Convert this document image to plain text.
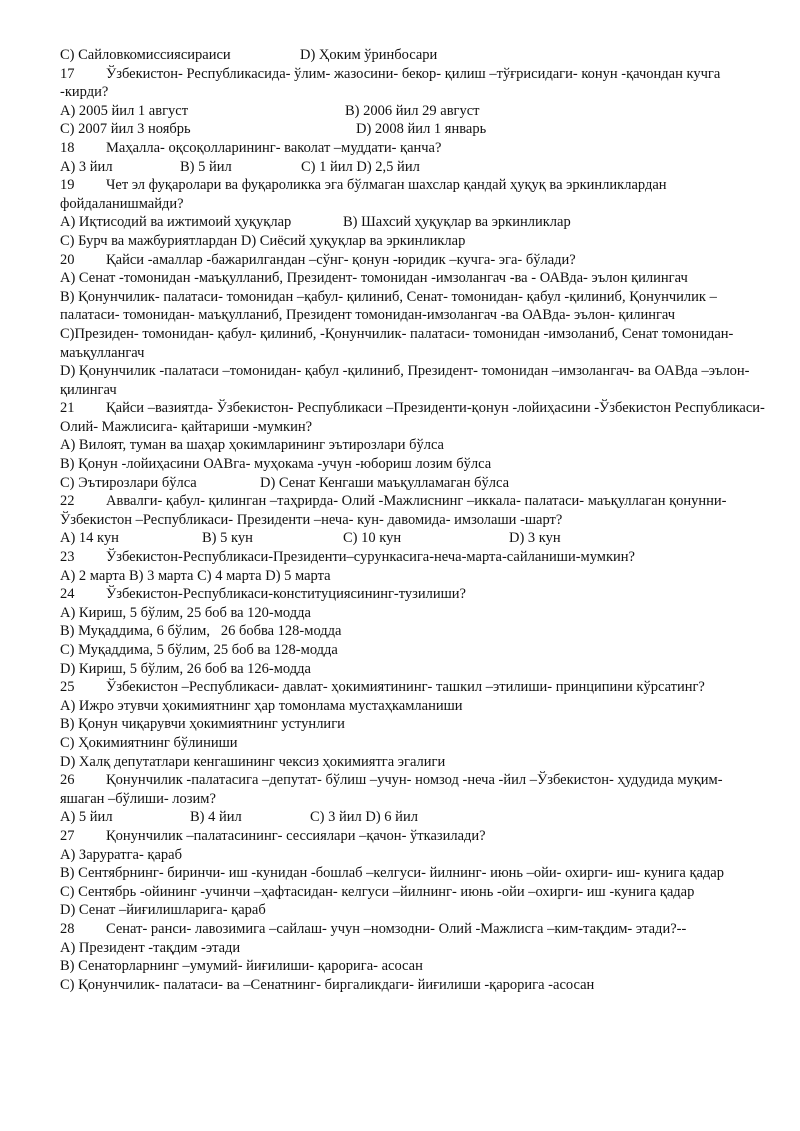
C) Сайловкомиссиясираиси	D) Ҳоким ўринбосари
17 Ўзбекистон- Республикасида- ўлим- жазосини- бекор- қилиш –тўғрисидаги- конун -қачондан кучга -кирди?
A) 2005 йил 1 август	B) 2006 йил 29 август
C) 2007 йил 3 ноябрь	D) 2008 йил 1 январь
18 Маҳалла- оқсоқолларининг- ваколат –муддати- қанча?
A) 3 йил	B) 5 йил	C) 1 йил D) 2,5 йил
19 Чет эл фуқаролари ва фуқароликка эга бўлмаган шахслар қандай ҳуқуқ ва эркинликлардан фойдаланишмайди?
A) Иқтисодий ва ижтимоий ҳуқуқлар	B) Шахсий ҳуқуқлар ва эркинликлар
C) Бурч ва мажбуриятлардан D) Сиёсий ҳуқуқлар ва эркинликлар
20 Қайси -амаллар -бажарилгандан –сўнг- қонун -юридик –кучга- эга- бўлади?
A) Сенат -томонидан -маъқулланиб, Президент- томонидан -имзолангач -ва - ОАВда- эълон қилингач
B) Қонунчилик- палатаси- томонидан –қабул- қилиниб, Сенат- томонидан- қабул -қилиниб, Қонунчилик –палатаси- томонидан- маъқулланиб, Президент томонидан-имзолангач -ва ОАВда- эълон- қилингач
C)Президен- томонидан- қабул- қилиниб, -Қонунчилик- палатаси- томонидан -имзоланиб, Сенат томонидан- маъқуллангач
D) Қонунчилик -палатаси –томонидан- қабул -қилиниб, Президент- томонидан –имзолангач- ва ОАВда –эълон- қилингач
21 Қайси –вазиятда- Ўзбекистон- Республикаси –Президенти-қонун -лойиҳасини -Ўзбекистон Республикаси- Олий- Мажлисига- қайтариши -мумкин?
A) Вилоят, туман ва шаҳар ҳокимларининг эътирозлари бўлса
B) Қонун -лойиҳасини ОАВга- муҳокама -учун -юбориш лозим бўлса
C) Эътирозлари бўлса	D) Сенат Кенгаши маъқулламаган бўлса
22 Аввалги- қабул- қилинган –таҳрирда- Олий -Мажлиснинг –иккала- палатаси- маъқуллаган қонунни- Ўзбекистон –Республикаси- Президенти –неча- кун- давомида- имзолаши -шарт?
A) 14 кун	B) 5 кун	C) 10 кун	D) 3 кун
23 Ўзбекистон-Республикаси-Президенти–сурункасига-неча-марта-сайланиши-мумкин?
A) 2 марта B) 3 марта C) 4 марта D) 5 марта
24 Ўзбекистон-Республикаси-конституциясининг-тузилиши?
A) Кириш, 5 бўлим, 25 боб ва 120-модда
B) Муқаддима, 6 бўлим,   26 бобва 128-модда
C) Муқаддима, 5 бўлим, 25 боб ва 128-модда
D) Кириш, 5 бўлим, 26 боб ва 126-модда
25 Ўзбекистон –Республикаси- давлат- ҳокимиятининг- ташкил –этилиши- принципини кўрсатинг?
A) Ижро этувчи ҳокимиятнинг ҳар томонлама мустаҳкамланиши
B) Қонун чиқарувчи ҳокимиятнинг устунлиги
C) Ҳокимиятнинг бўлиниши
D) Халқ депутатлари кенгашининг чексиз ҳокимиятга эгалиги
26 Қонунчилик -палатасига –депутат- бўлиш –учун- номзод -неча -йил –Ўзбекистон- ҳудудида муқим- яшаган –бўлиши- лозим?
A) 5 йил	B) 4 йил	C) 3 йил D) 6 йил
27 Қонунчилик –палатасининг- сессиялари –қачон- ўтказилади?
A) Заруратга- қараб
B) Сентябрнинг- биринчи- иш -кунидан -бошлаб –келгуси- йилнинг- июнь –ойи- охирги- иш- кунига қадар
C) Сентябрь -ойининг -учинчи –ҳафтасидан- келгуси –йилнинг- июнь -ойи –охирги- иш -кунига қадар
D) Сенат –йиғилишларига- қараб
28 Сенат- ранси- лавозимига –сайлаш- учун –номзодни- Олий -Мажлисга –ким-тақдим- этади?--
A) Президент -тақдим -этади
B) Сенаторларнинг –умумий- йиғилиши- қарорига- асосан
C) Қонунчилик- палатаси- ва –Сенатнинг- биргаликдаги- йиғилиши -қарорига -асосан
